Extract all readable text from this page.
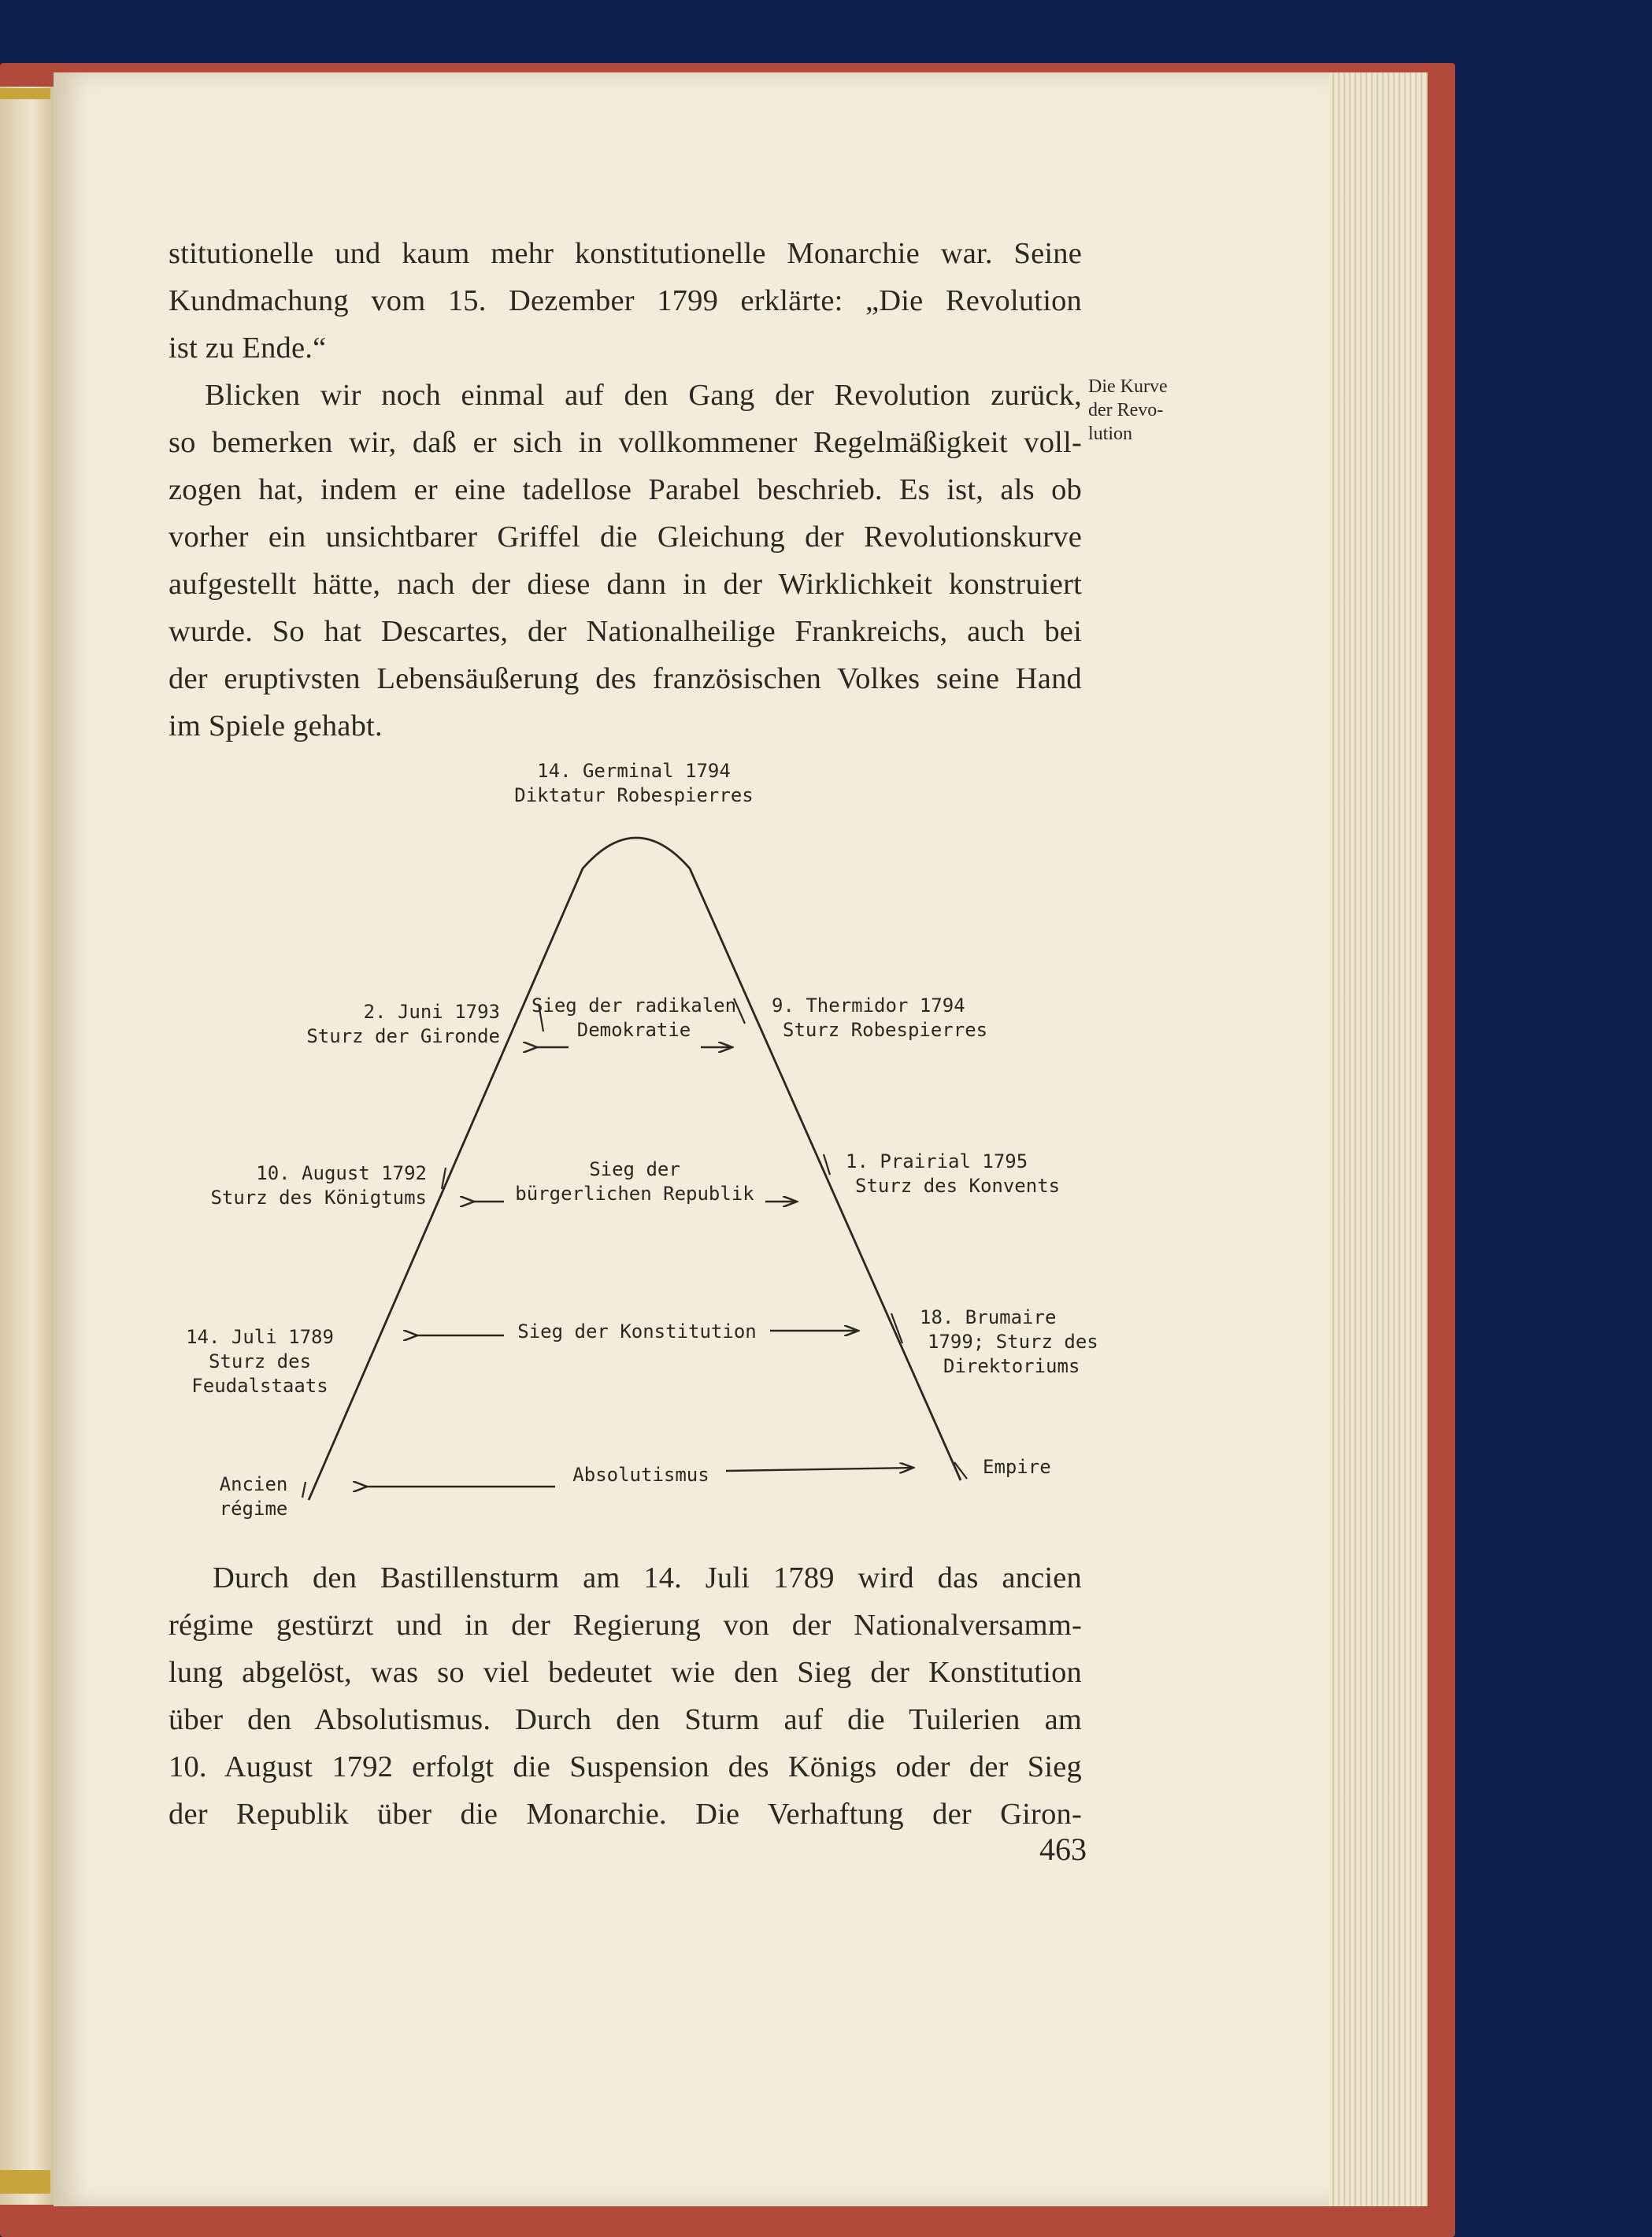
stitutionelle und kaum mehr konstitutionelle Monarchie war. Seine
Kundmachung vom 15. Dezember 1799 erklärte: „Die Revolution
ist zu Ende.“
Blicken wir noch einmal auf den Gang der Revolution zurück,
so bemerken wir, daß er sich in vollkommener Regelmäßigkeit voll-
zogen hat, indem er eine tadellose Parabel beschrieb. Es ist, als ob
vorher ein unsichtbarer Griffel die Gleichung der Revolutionskurve
aufgestellt hätte, nach der diese dann in der Wirklichkeit konstruiert
wurde. So hat Descartes, der Nationalheilige Frankreichs, auch bei
der eruptivsten Lebensäußerung des französischen Volkes seine Hand
im Spiele gehabt.
Die Kurve
der Revo-
lution
14. Germinal 1794
Diktatur Robespierres
2. Juni 1793
Sturz der Gironde
10. August 1792
Sturz des Königtums
14. Juli 1789
Sturz des
Feudalstaats
Ancien
régime
9. Thermidor 1794
Sturz Robespierres
1. Prairial 1795
Sturz des Konvents
18. Brumaire
1799; Sturz des
Direktoriums
Empire
Sieg der radikalen
Demokratie
Sieg der
bürgerlichen Republik
Sieg der Konstitution
Absolutismus
Durch den Bastillensturm am 14. Juli 1789 wird das ancien
régime gestürzt und in der Regierung von der Nationalversamm-
lung abgelöst, was so viel bedeutet wie den Sieg der Konstitution
über den Absolutismus. Durch den Sturm auf die Tuilerien am
10. August 1792 erfolgt die Suspension des Königs oder der Sieg
der Republik über die Monarchie. Die Verhaftung der Giron-
463
